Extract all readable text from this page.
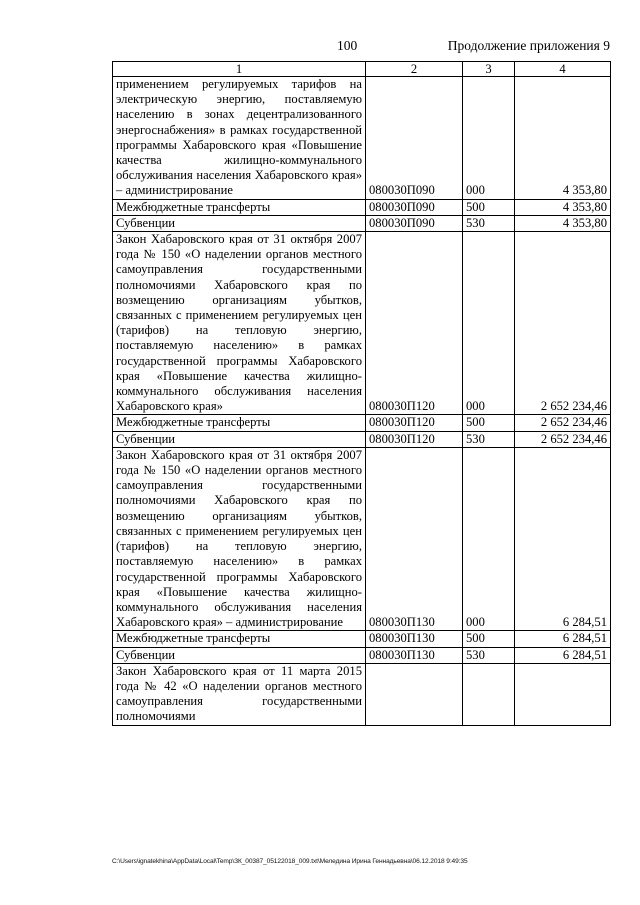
100	Продолжение приложения 9
1	2	3	4
применением регулируемых тарифов на электрическую энергию, поставляемую населению в зонах децентрализованного энергоснабжения» в рамках государственной программы Хабаровского края «Повышение качества жилищно-коммунального обслуживания населения Хабаровского края» – администрирование	080030П090	000	4 353,80
Межбюджетные трансферты	080030П090	500	4 353,80
Субвенции	080030П090	530	4 353,80
Закон Хабаровского края от 31 октября 2007 года № 150 «О наделении органов местного самоуправления государственными полномочиями Хабаровского края по возмещению организациям убытков, связанных с применением регулируемых цен (тарифов) на тепловую энергию, поставляемую населению» в рамках государственной программы Хабаровского края «Повышение качества жилищно-коммунального обслуживания населения Хабаровского края»	080030П120	000	2 652 234,46
Межбюджетные трансферты	080030П120	500	2 652 234,46
Субвенции	080030П120	530	2 652 234,46
Закон Хабаровского края от 31 октября 2007 года № 150 «О наделении органов местного самоуправления государственными полномочиями Хабаровского края по возмещению организациям убытков, связанных с применением регулируемых цен (тарифов) на тепловую энергию, поставляемую населению» в рамках государственной программы Хабаровского края «Повышение качества жилищно-коммунального обслуживания населения Хабаровского края» – администрирование	080030П130	000	6 284,51
Межбюджетные трансферты	080030П130	500	6 284,51
Субвенции	080030П130	530	6 284,51
Закон Хабаровского края от 11 марта 2015 года № 42 «О наделении органов местного самоуправления государственными полномочиями			
C:\Users\ignatekhina\AppData\Local\Temp\ЗК_00387_05122018_009.txt\Меледина Ирина Геннадьевна\06.12.2018 9:49:35
